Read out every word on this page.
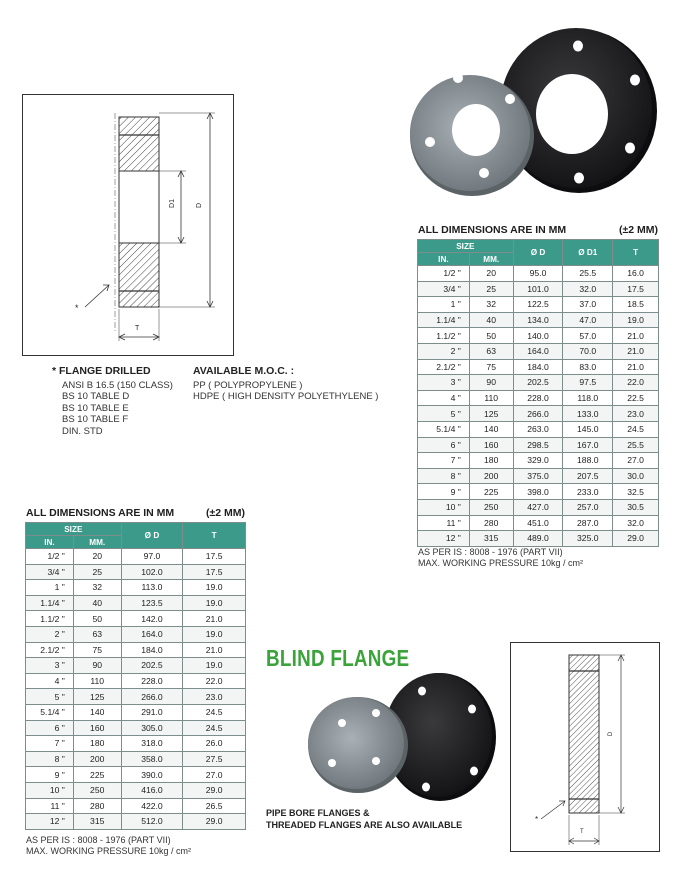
D1	D
T
*
* FLANGE DRILLED
ANSI B 16.5 (150 CLASS)
BS 10 TABLE D
BS 10 TABLE E
BS 10 TABLE F
DIN. STD
AVAILABLE M.O.C. :
PP ( POLYPROPYLENE )
HDPE ( HIGH DENSITY POLYETHYLENE )
ALL DIMENSIONS ARE IN MM	(±2 MM)
SIZE		Ø D	Ø D1	T
IN.	MM.			
1/2 "	20	95.0	25.5	16.0
3/4 "	25	101.0	32.0	17.5
1 "	32	122.5	37.0	18.5
1.1/4 "	40	134.0	47.0	19.0
1.1/2 "	50	140.0	57.0	21.0
2 "	63	164.0	70.0	21.0
2.1/2 "	75	184.0	83.0	21.0
3 "	90	202.5	97.5	22.0
4 "	110	228.0	118.0	22.5
5 "	125	266.0	133.0	23.0
5.1/4 "	140	263.0	145.0	24.5
6 "	160	298.5	167.0	25.5
7 "	180	329.0	188.0	27.0
8 "	200	375.0	207.5	30.0
9 "	225	398.0	233.0	32.5
10 "	250	427.0	257.0	30.5
11 "	280	451.0	287.0	32.0
12 "	315	489.0	325.0	29.0
AS PER IS : 8008 - 1976 (PART VII)
MAX. WORKING PRESSURE 10kg / cm²
ALL DIMENSIONS ARE IN MM	(±2 MM)
SIZE		Ø D	T
IN.	MM.		
1/2 "	20	97.0	17.5
3/4 "	25	102.0	17.5
1 "	32	113.0	19.0
1.1/4 "	40	123.5	19.0
1.1/2 "	50	142.0	21.0
2 "	63	164.0	19.0
2.1/2 "	75	184.0	21.0
3 "	90	202.5	19.0
4 "	110	228.0	22.0
5 "	125	266.0	23.0
5.1/4 "	140	291.0	24.5
6 "	160	305.0	24.5
7 "	180	318.0	26.0
8 "	200	358.0	27.5
9 "	225	390.0	27.0
10 "	250	416.0	29.0
11 "	280	422.0	26.5
12 "	315	512.0	29.0
AS PER IS : 8008 - 1976 (PART VII)
MAX. WORKING PRESSURE 10kg / cm²
BLIND FLANGE
PIPE BORE FLANGES &
THREADED FLANGES ARE ALSO AVAILABLE
D
T
*
